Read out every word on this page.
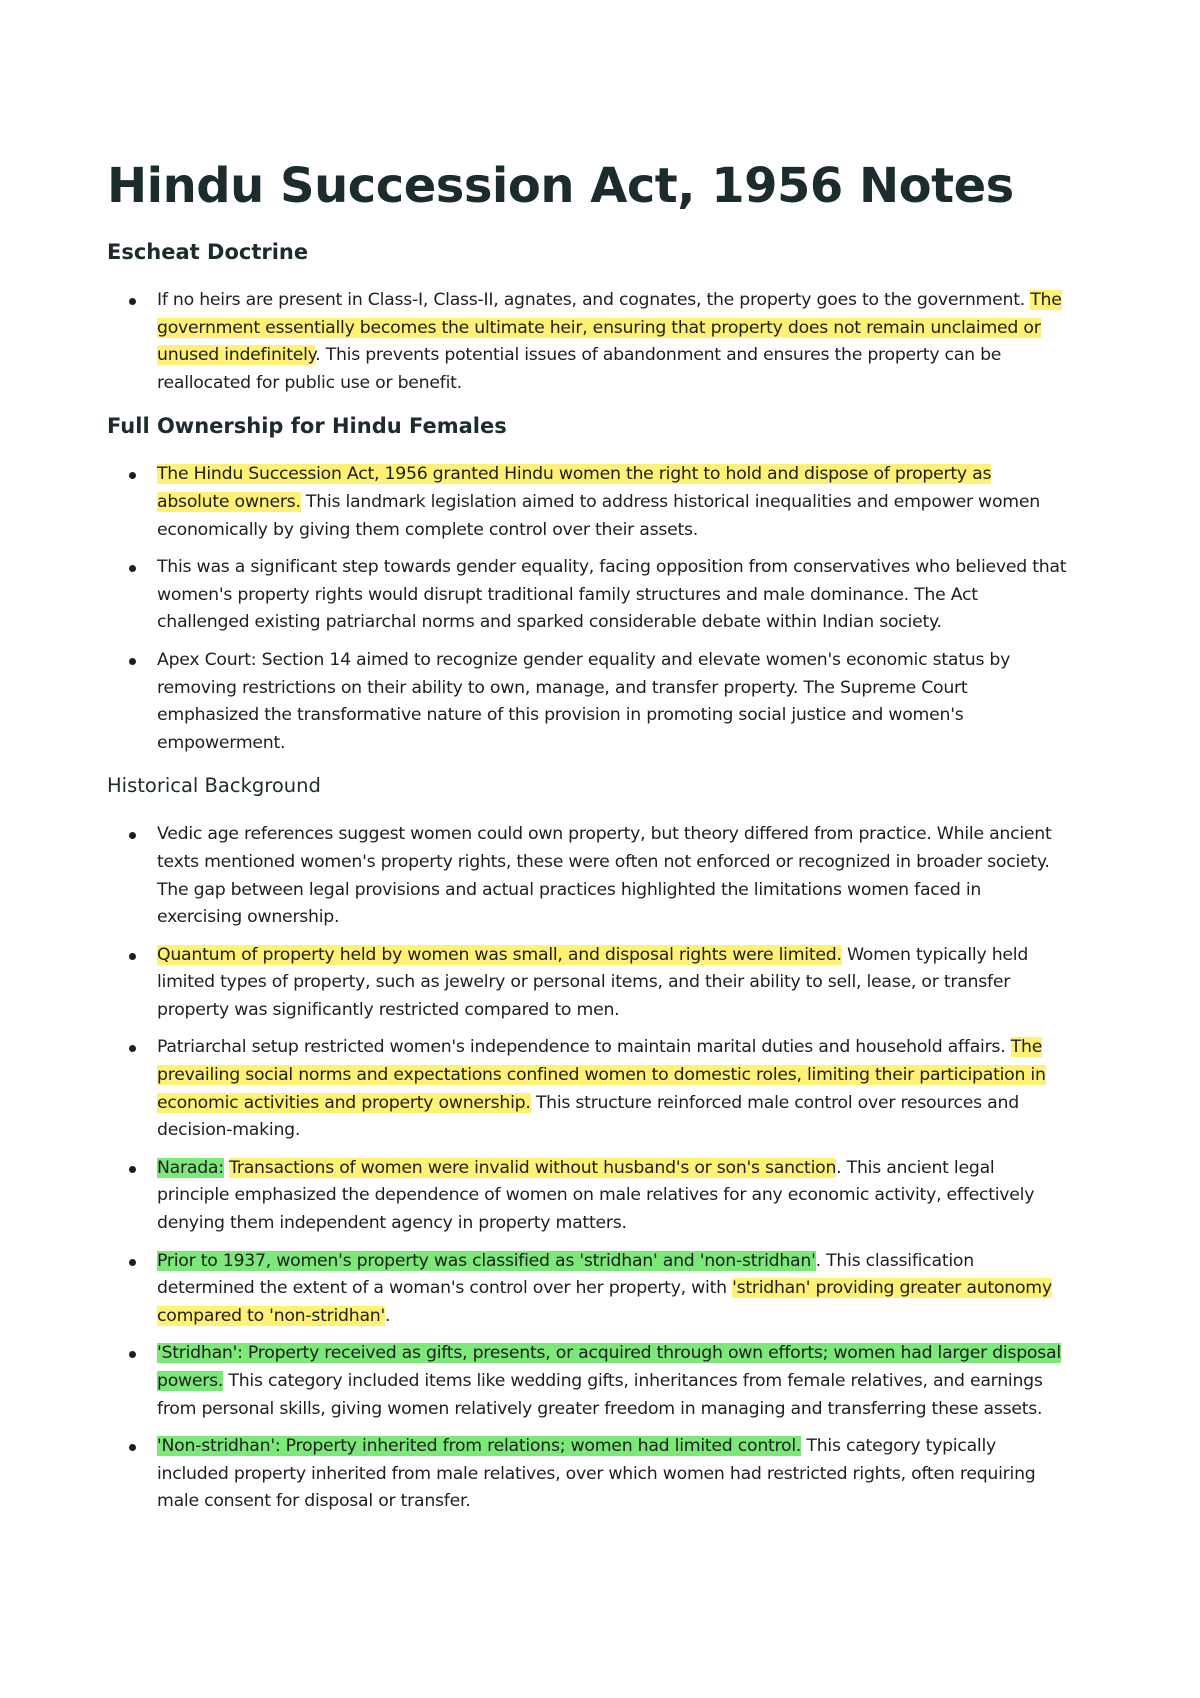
Hindu Succession Act, 1956 Notes
Escheat Doctrine
If no heirs are present in Class-I, Class-II, agnates, and cognates, the property goes to the government. The government essentially becomes the ultimate heir, ensuring that property does not remain unclaimed or unused indefinitely. This prevents potential issues of abandonment and ensures the property can be reallocated for public use or benefit.
Full Ownership for Hindu Females
The Hindu Succession Act, 1956 granted Hindu women the right to hold and dispose of property as absolute owners. This landmark legislation aimed to address historical inequalities and empower women economically by giving them complete control over their assets.
This was a significant step towards gender equality, facing opposition from conservatives who believed that women's property rights would disrupt traditional family structures and male dominance. The Act challenged existing patriarchal norms and sparked considerable debate within Indian society.
Apex Court: Section 14 aimed to recognize gender equality and elevate women's economic status by removing restrictions on their ability to own, manage, and transfer property. The Supreme Court emphasized the transformative nature of this provision in promoting social justice and women's empowerment.
Historical Background
Vedic age references suggest women could own property, but theory differed from practice. While ancient texts mentioned women's property rights, these were often not enforced or recognized in broader society. The gap between legal provisions and actual practices highlighted the limitations women faced in exercising ownership.
Quantum of property held by women was small, and disposal rights were limited. Women typically held limited types of property, such as jewelry or personal items, and their ability to sell, lease, or transfer property was significantly restricted compared to men.
Patriarchal setup restricted women's independence to maintain marital duties and household affairs. The prevailing social norms and expectations confined women to domestic roles, limiting their participation in economic activities and property ownership. This structure reinforced male control over resources and decision-making.
Narada: Transactions of women were invalid without husband's or son's sanction. This ancient legal principle emphasized the dependence of women on male relatives for any economic activity, effectively denying them independent agency in property matters.
Prior to 1937, women's property was classified as 'stridhan' and 'non-stridhan'. This classification determined the extent of a woman's control over her property, with 'stridhan' providing greater autonomy compared to 'non-stridhan'.
'Stridhan': Property received as gifts, presents, or acquired through own efforts; women had larger disposal powers. This category included items like wedding gifts, inheritances from female relatives, and earnings from personal skills, giving women relatively greater freedom in managing and transferring these assets.
'Non-stridhan': Property inherited from relations; women had limited control. This category typically included property inherited from male relatives, over which women had restricted rights, often requiring male consent for disposal or transfer.
